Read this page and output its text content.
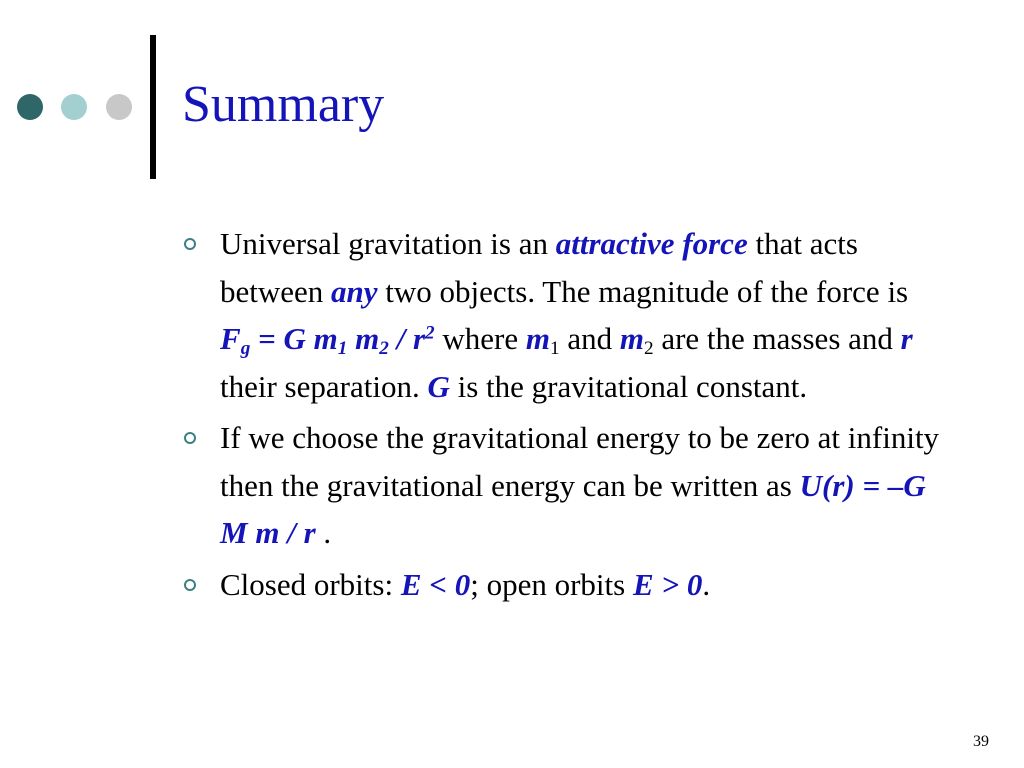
Summary
Universal gravitation is an attractive force that acts between any two objects. The magnitude of the force is $F_g = G$ $m_1$ $m_2 / r^2$ where $m_1$ and $m_2$ are the masses and r their separation. G is the gravitational constant.
If we choose the gravitational energy to be zero at infinity then the gravitational energy can be written as U(r) = –G M m / r .
Closed orbits: E < 0; open orbits E > 0.
39
